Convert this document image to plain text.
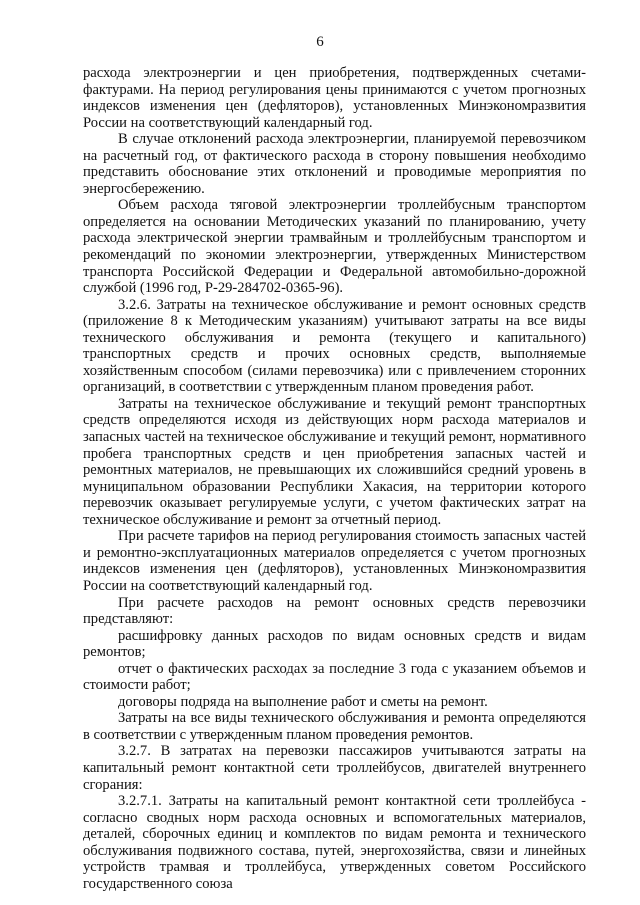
6

расхода электроэнергии и цен приобретения, подтвержденных счетами-фактурами. На период регулирования цены принимаются с учетом прогнозных индексов изменения цен (дефляторов), установленных Минэкономразвития России на соответствующий календарный год.

В случае отклонений расхода электроэнергии, планируемой перевозчиком на расчетный год, от фактического расхода в сторону повышения необходимо представить обоснование этих отклонений и проводимые мероприятия по энергосбережению.

Объем расхода тяговой электроэнергии троллейбусным транспортом определяется на основании Методических указаний по планированию, учету расхода электрической энергии трамвайным и троллейбусным транспортом и рекомендаций по экономии электроэнергии, утвержденных Министерством транспорта Российской Федерации и Федеральной автомобильно-дорожной службой (1996 год, Р-29-284702-0365-96).

3.2.6. Затраты на техническое обслуживание и ремонт основных средств (приложение 8 к Методическим указаниям) учитывают затраты на все виды технического обслуживания и ремонта (текущего и капитального) транспортных средств и прочих основных средств, выполняемые хозяйственным способом (силами перевозчика) или с привлечением сторонних организаций, в соответствии с утвержденным планом проведения работ.

Затраты на техническое обслуживание и текущий ремонт транспортных средств определяются исходя из действующих норм расхода материалов и запасных частей на техническое обслуживание и текущий ремонт, нормативного пробега транспортных средств и цен приобретения запасных частей и ремонтных материалов, не превышающих их сложившийся средний уровень в муниципальном образовании Республики Хакасия, на территории которого перевозчик оказывает регулируемые услуги, с учетом фактических затрат на техническое обслуживание и ремонт за отчетный период.

При расчете тарифов на период регулирования стоимость запасных частей и ремонтно-эксплуатационных материалов определяется с учетом прогнозных индексов изменения цен (дефляторов), установленных Минэкономразвития России на соответствующий календарный год.

При расчете расходов на ремонт основных средств перевозчики представляют:

расшифровку данных расходов по видам основных средств и видам ремонтов;

отчет о фактических расходах за последние 3 года с указанием объемов и стоимости работ;

договоры подряда на выполнение работ и сметы на ремонт.

Затраты на все виды технического обслуживания и ремонта определяются в соответствии с утвержденным планом проведения ремонтов.

3.2.7. В затратах на перевозки пассажиров учитываются затраты на капитальный ремонт контактной сети троллейбусов, двигателей внутреннего сгорания:

3.2.7.1. Затраты на капитальный ремонт контактной сети троллейбуса - согласно сводных норм расхода основных и вспомогательных материалов, деталей, сборочных единиц и комплектов по видам ремонта и технического обслуживания подвижного состава, путей, энергохозяйства, связи и линейных устройств трамвая и троллейбуса, утвержденных советом Российского государственного союза
